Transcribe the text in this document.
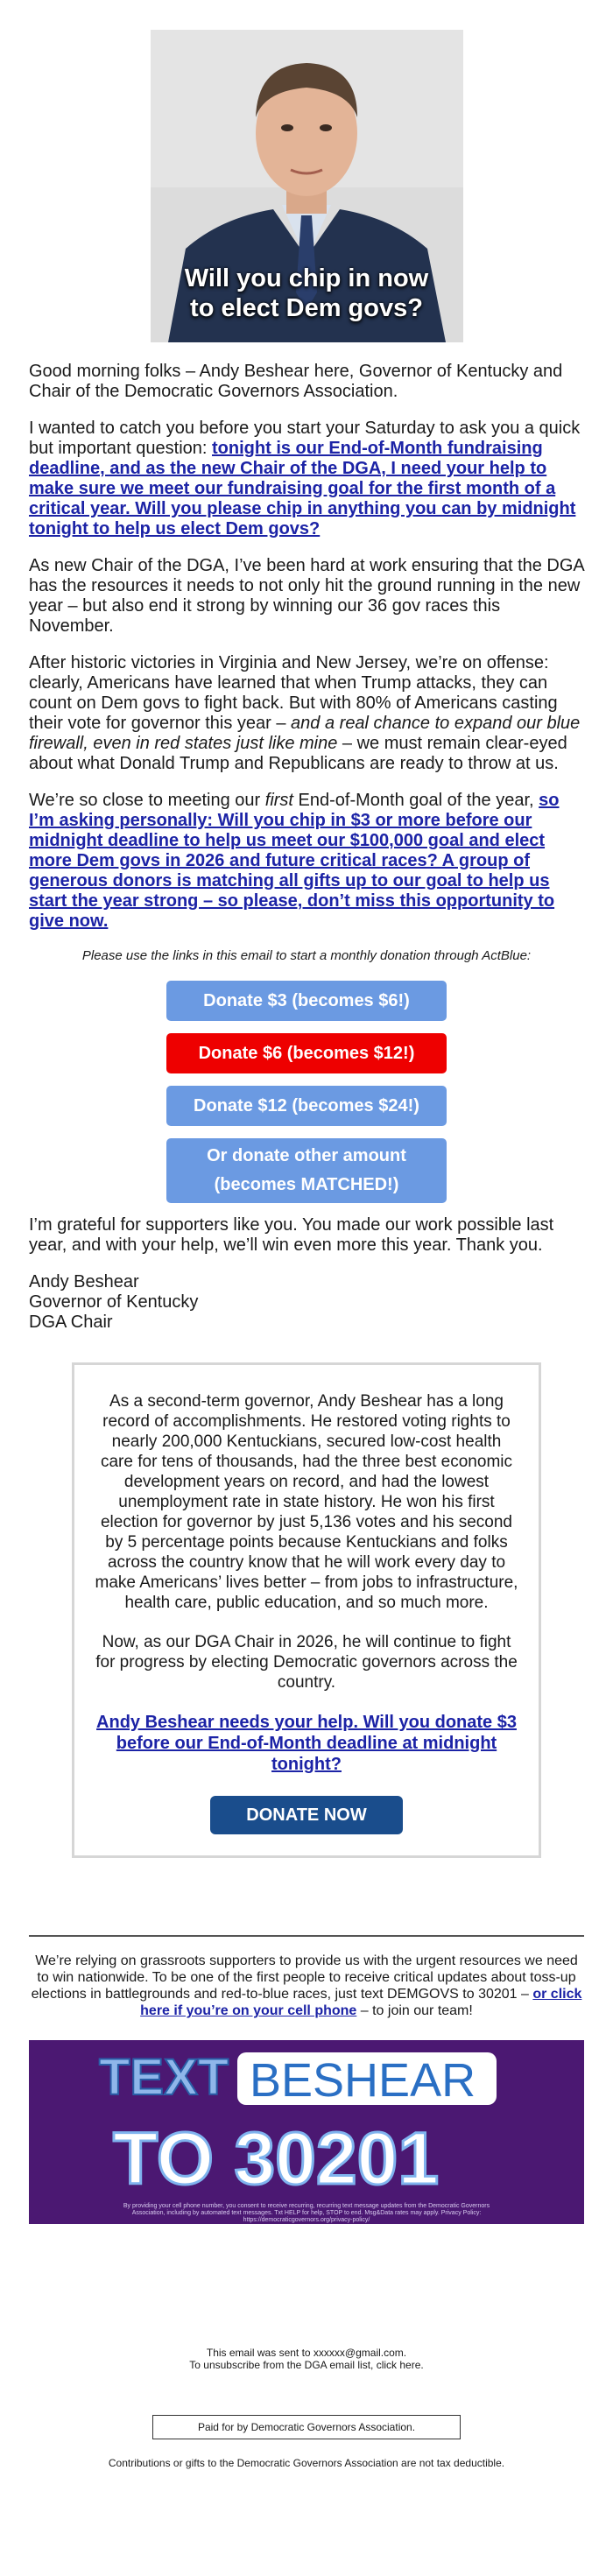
Will you chip in now
to elect Dem govs?

Good morning folks – Andy Beshear here, Governor of Kentucky and Chair of the Democratic Governors Association.

I wanted to catch you before you start your Saturday to ask you a quick but important question: tonight is our End-of-Month fundraising deadline, and as the new Chair of the DGA, I need your help to make sure we meet our fundraising goal for the first month of a critical year. Will you please chip in anything you can by midnight tonight to help us elect Dem govs?

As new Chair of the DGA, I’ve been hard at work ensuring that the DGA has the resources it needs to not only hit the ground running in the new year – but also end it strong by winning our 36 gov races this November.

After historic victories in Virginia and New Jersey, we’re on offense: clearly, Americans have learned that when Trump attacks, they can count on Dem govs to fight back. But with 80% of Americans casting their vote for governor this year – and a real chance to expand our blue firewall, even in red states just like mine – we must remain clear-eyed about what Donald Trump and Republicans are ready to throw at us.

We’re so close to meeting our first End-of-Month goal of the year, so I’m asking personally: Will you chip in $3 or more before our midnight deadline to help us meet our $100,000 goal and elect more Dem govs in 2026 and future critical races? A group of generous donors is matching all gifts up to our goal to help us start the year strong – so please, don’t miss this opportunity to give now.

Please use the links in this email to start a monthly donation through ActBlue:

Donate $3 (becomes $6!)
Donate $6 (becomes $12!)
Donate $12 (becomes $24!)
Or donate other amount
(becomes MATCHED!)

I’m grateful for supporters like you. You made our work possible last year, and with your help, we’ll win even more this year. Thank you.

Andy Beshear
Governor of Kentucky
DGA Chair

As a second-term governor, Andy Beshear has a long record of accomplishments. He restored voting rights to nearly 200,000 Kentuckians, secured low-cost health care for tens of thousands, had the three best economic development years on record, and had the lowest unemployment rate in state history. He won his first election for governor by just 5,136 votes and his second by 5 percentage points because Kentuckians and folks across the country know that he will work every day to make Americans’ lives better – from jobs to infrastructure, health care, public education, and so much more.

Now, as our DGA Chair in 2026, he will continue to fight for progress by electing Democratic governors across the country.

Andy Beshear needs your help. Will you donate $3 before our End-of-Month deadline at midnight tonight?

DONATE NOW

We’re relying on grassroots supporters to provide us with the urgent resources we need to win nationwide. To be one of the first people to receive critical updates about toss-up elections in battlegrounds and red-to-blue races, just text DEMGOVS to 30201 – or click here if you’re on your cell phone – to join our team!

TEXT BESHEAR
TO 30201
By providing your cell phone number, you consent to receive recurring, recurring text message updates from the Democratic Governors Association, including by automated text messages. Txt HELP for help, STOP to end. Msg&Data rates may apply. Privacy Policy: https://democraticgovernors.org/privacy-policy/
This email was sent to xxxxxx@gmail.com.
To unsubscribe from the DGA email list, click here.
Paid for by Democratic Governors Association.
Contributions or gifts to the Democratic Governors Association are not tax deductible.
